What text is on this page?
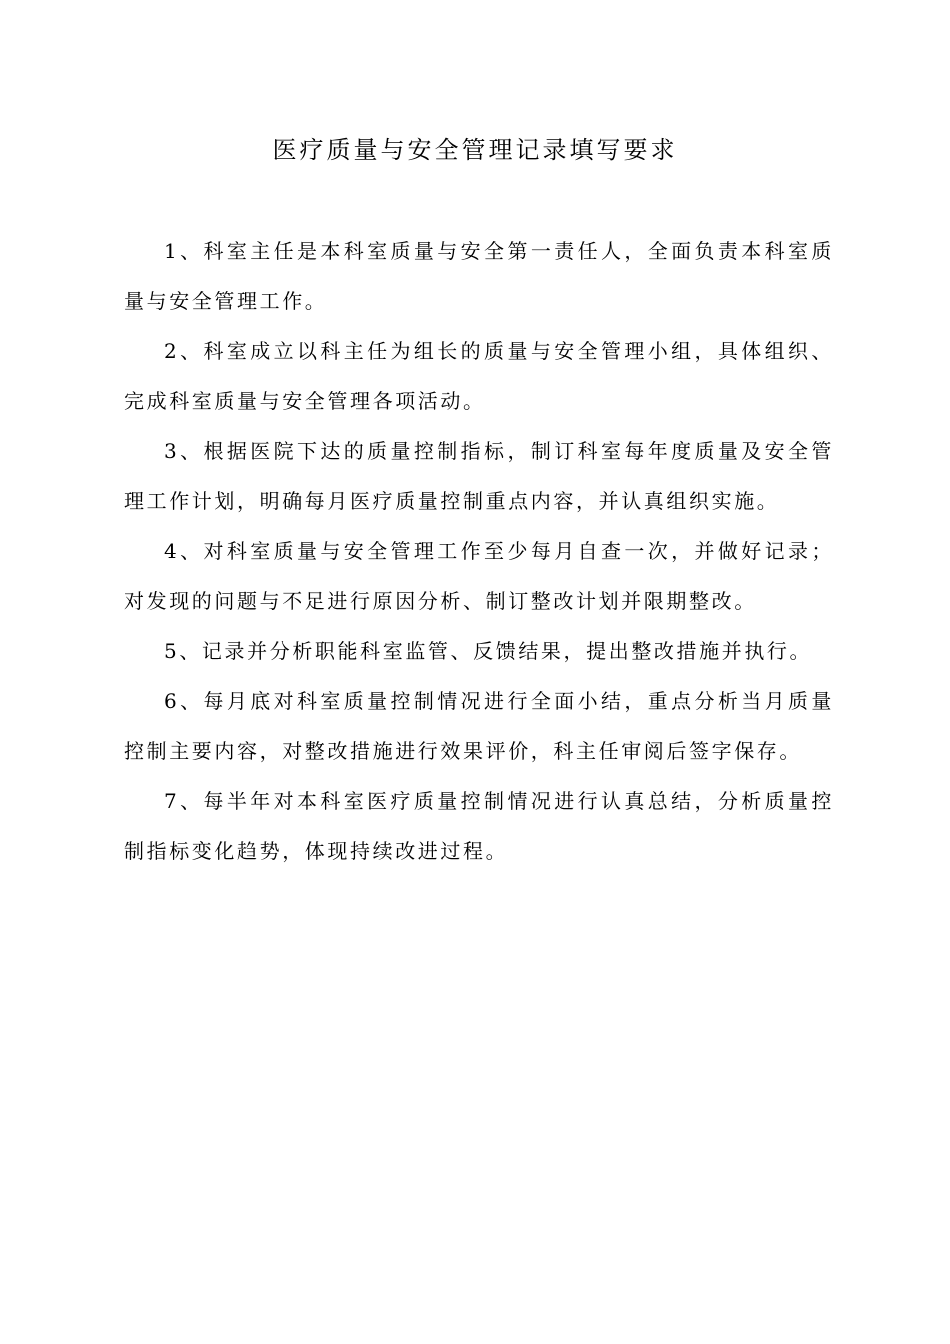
医疗质量与安全管理记录填写要求

1、科室主任是本科室质量与安全第一责任人，全面负责本科室质量与安全管理工作。

2、科室成立以科主任为组长的质量与安全管理小组，具体组织、完成科室质量与安全管理各项活动。

3、根据医院下达的质量控制指标，制订科室每年度质量及安全管理工作计划，明确每月医疗质量控制重点内容，并认真组织实施。

4、对科室质量与安全管理工作至少每月自查一次，并做好记录；对发现的问题与不足进行原因分析、制订整改计划并限期整改。

5、记录并分析职能科室监管、反馈结果，提出整改措施并执行。

6、每月底对科室质量控制情况进行全面小结，重点分析当月质量控制主要内容，对整改措施进行效果评价，科主任审阅后签字保存。

7、每半年对本科室医疗质量控制情况进行认真总结，分析质量控制指标变化趋势，体现持续改进过程。
